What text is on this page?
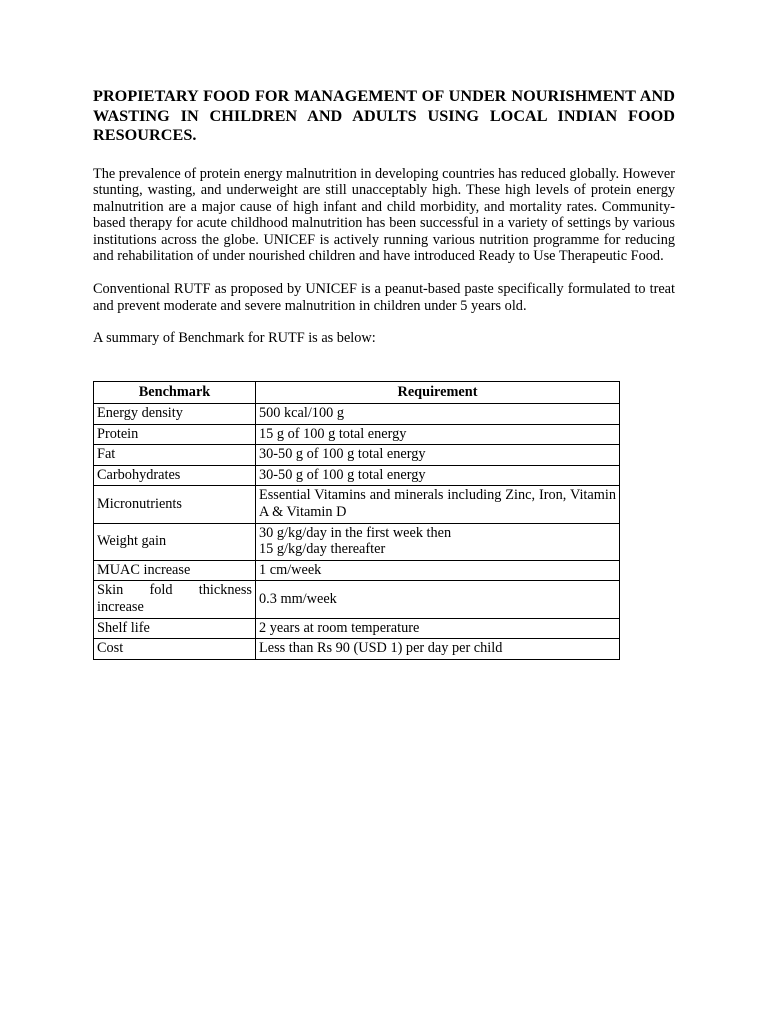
PROPIETARY FOOD FOR MANAGEMENT OF UNDER NOURISHMENT AND WASTING IN CHILDREN AND ADULTS USING LOCAL INDIAN FOOD RESOURCES.

The prevalence of protein energy malnutrition in developing countries has reduced globally. However stunting, wasting, and underweight are still unacceptably high. These high levels of protein energy malnutrition are a major cause of high infant and child morbidity, and mortality rates. Community-based therapy for acute childhood malnutrition has been successful in a variety of settings by various institutions across the globe. UNICEF is actively running various nutrition programme for reducing and rehabilitation of under nourished children and have introduced Ready to Use Therapeutic Food.

Conventional RUTF as proposed by UNICEF is a peanut-based paste specifically formulated to treat and prevent moderate and severe malnutrition in children under 5 years old.

A summary of Benchmark for RUTF is as below:

Benchmark	Requirement
Energy density	500 kcal/100 g
Protein	15 g of 100 g total energy
Fat	30-50 g of 100 g total energy
Carbohydrates	30-50 g of 100 g total energy
Micronutrients	Essential Vitamins and minerals including Zinc, Iron, Vitamin A & Vitamin D
Weight gain	30 g/kg/day in the first week then
15 g/kg/day thereafter

MUAC increase	1 cm/week
Skin fold thickness increase	0.3 mm/week
Shelf life	2 years at room temperature
Cost	Less than Rs 90 (USD 1) per day per child
